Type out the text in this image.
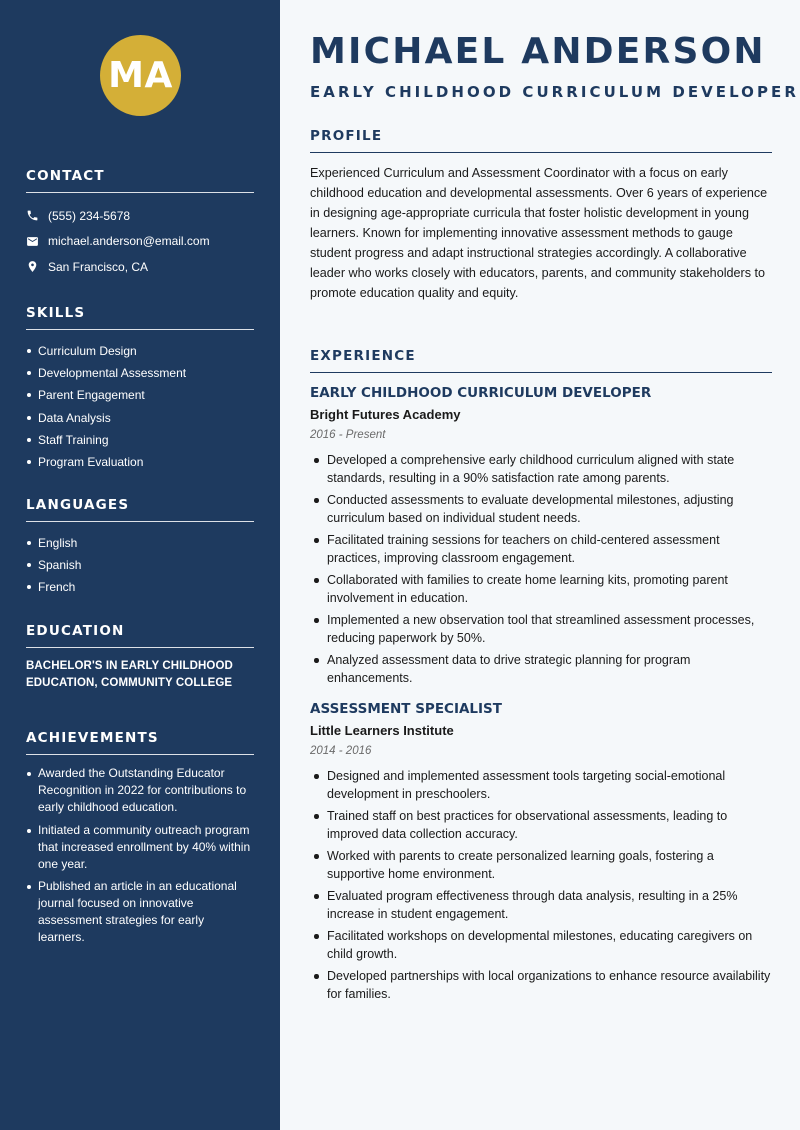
MA
CONTACT
(555) 234-5678
michael.anderson@email.com
San Francisco, CA
SKILLS
Curriculum Design
Developmental Assessment
Parent Engagement
Data Analysis
Staff Training
Program Evaluation
LANGUAGES
English
Spanish
French
EDUCATION
BACHELOR'S IN EARLY CHILDHOOD EDUCATION, COMMUNITY COLLEGE
ACHIEVEMENTS
Awarded the Outstanding Educator Recognition in 2022 for contributions to early childhood education.
Initiated a community outreach program that increased enrollment by 40% within one year.
Published an article in an educational journal focused on innovative assessment strategies for early learners.
MICHAEL ANDERSON
EARLY CHILDHOOD CURRICULUM DEVELOPER
PROFILE

Experienced Curriculum and Assessment Coordinator with a focus on early childhood education and developmental assessments. Over 6 years of experience in designing age-appropriate curricula that foster holistic development in young learners. Known for implementing innovative assessment methods to gauge student progress and adapt instructional strategies accordingly. A collaborative leader who works closely with educators, parents, and community stakeholders to promote education quality and equity.

EXPERIENCE
EARLY CHILDHOOD CURRICULUM DEVELOPER
Bright Futures Academy
2016 - Present
Developed a comprehensive early childhood curriculum aligned with state standards, resulting in a 90% satisfaction rate among parents.
Conducted assessments to evaluate developmental milestones, adjusting curriculum based on individual student needs.
Facilitated training sessions for teachers on child-centered assessment practices, improving classroom engagement.
Collaborated with families to create home learning kits, promoting parent involvement in education.
Implemented a new observation tool that streamlined assessment processes, reducing paperwork by 50%.
Analyzed assessment data to drive strategic planning for program enhancements.
ASSESSMENT SPECIALIST
Little Learners Institute
2014 - 2016
Designed and implemented assessment tools targeting social-emotional development in preschoolers.
Trained staff on best practices for observational assessments, leading to improved data collection accuracy.
Worked with parents to create personalized learning goals, fostering a supportive home environment.
Evaluated program effectiveness through data analysis, resulting in a 25% increase in student engagement.
Facilitated workshops on developmental milestones, educating caregivers on child growth.
Developed partnerships with local organizations to enhance resource availability for families.
